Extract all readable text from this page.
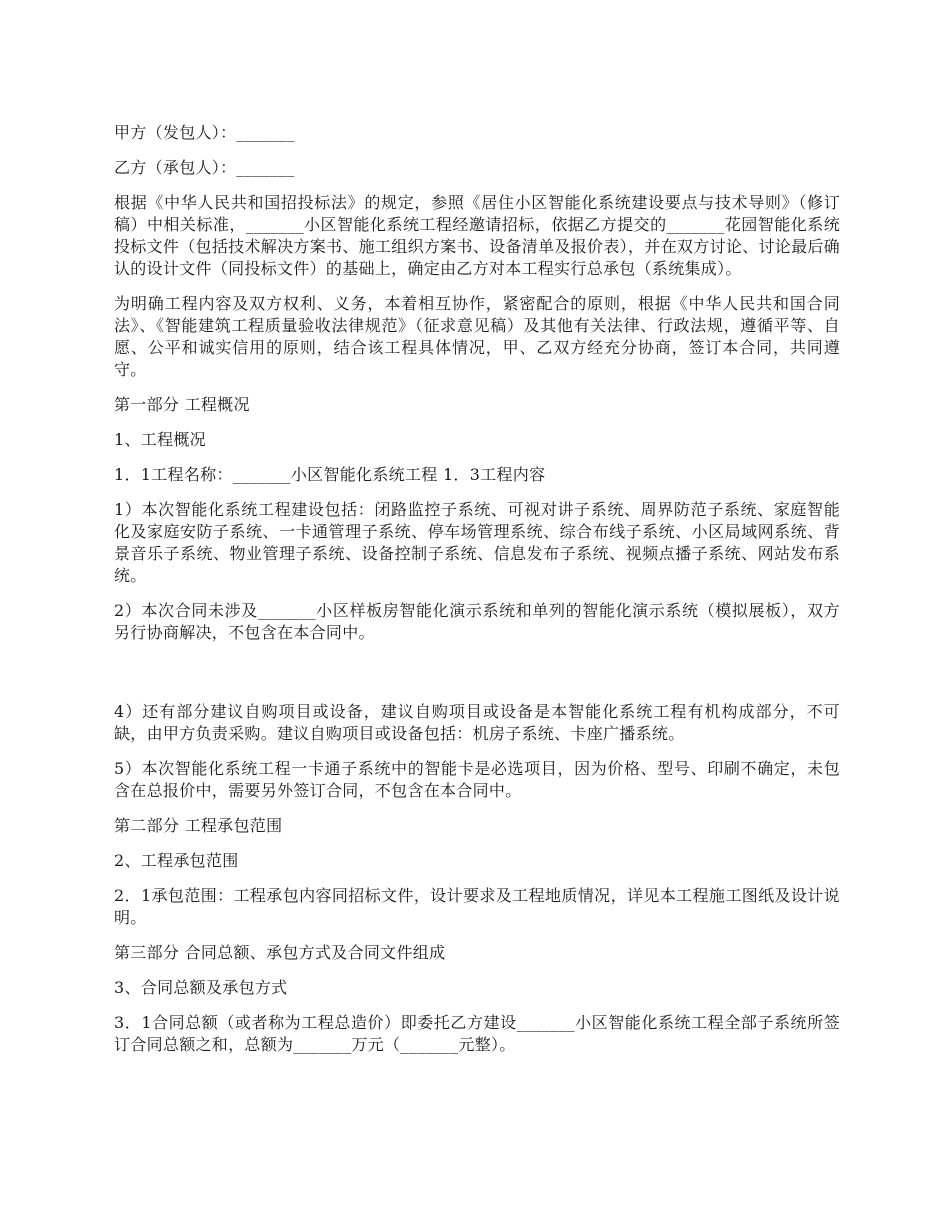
甲方（发包人）：_______

乙方（承包人）：_______

根据《中华人民共和国招投标法》的规定，参照《居住小区智能化系统建设要点与技术导则》（修订稿）中相关标准，_______小区智能化系统工程经邀请招标，依据乙方提交的_______花园智能化系统投标文件（包括技术解决方案书、施工组织方案书、设备清单及报价表），并在双方讨论、讨论最后确认的设计文件（同投标文件）的基础上，确定由乙方对本工程实行总承包（系统集成）。

为明确工程内容及双方权利、义务，本着相互协作，紧密配合的原则，根据《中华人民共和国合同法》、《智能建筑工程质量验收法律规范》（征求意见稿）及其他有关法律、行政法规，遵循平等、自愿、公平和诚实信用的原则，结合该工程具体情况，甲、乙双方经充分协商，签订本合同，共同遵守。

第一部分 工程概况

1、工程概况

1．1工程名称：_______小区智能化系统工程 1．3工程内容

1）本次智能化系统工程建设包括：闭路监控子系统、可视对讲子系统、周界防范子系统、家庭智能化及家庭安防子系统、一卡通管理子系统、停车场管理系统、综合布线子系统、小区局域网系统、背景音乐子系统、物业管理子系统、设备控制子系统、信息发布子系统、视频点播子系统、网站发布系统。

2）本次合同未涉及_______小区样板房智能化演示系统和单列的智能化演示系统（模拟展板），双方另行协商解决，不包含在本合同中。

4）还有部分建议自购项目或设备，建议自购项目或设备是本智能化系统工程有机构成部分，不可缺，由甲方负责采购。建议自购项目或设备包括：机房子系统、卡座广播系统。

5）本次智能化系统工程一卡通子系统中的智能卡是必选项目，因为价格、型号、印刷不确定，未包含在总报价中，需要另外签订合同，不包含在本合同中。

第二部分 工程承包范围

2、工程承包范围

2．1承包范围：工程承包内容同招标文件，设计要求及工程地质情况，详见本工程施工图纸及设计说明。

第三部分 合同总额、承包方式及合同文件组成

3、合同总额及承包方式

3．1合同总额（或者称为工程总造价）即委托乙方建设_______小区智能化系统工程全部子系统所签订合同总额之和，总额为_______万元（_______元整）。
